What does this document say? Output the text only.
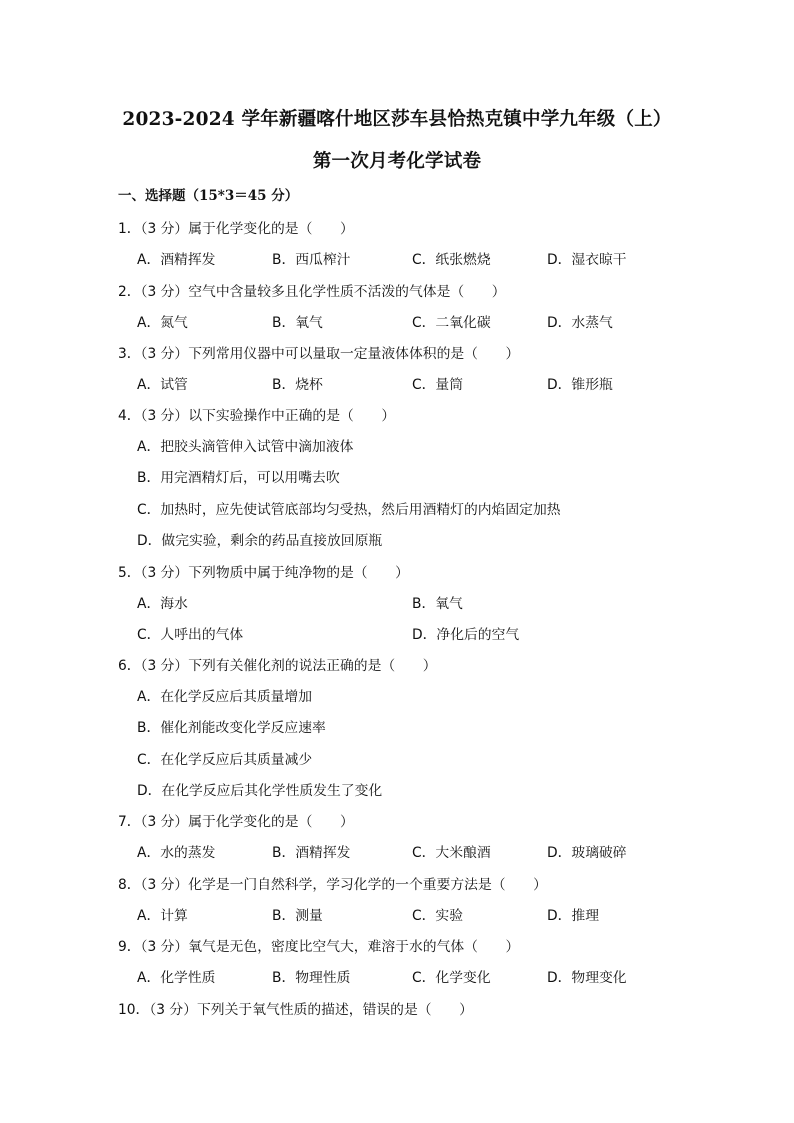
2023-2024 学年新疆喀什地区莎车县恰热克镇中学九年级（上）
第一次月考化学试卷
一、选择题（15*3＝45 分）
1．（3 分）属于化学变化的是（　　）
A．酒精挥发	B．西瓜榨汁	C．纸张燃烧	D．湿衣晾干
2．（3 分）空气中含量较多且化学性质不活泼的气体是（　　）
A．氮气	B．氧气	C．二氧化碳	D．水蒸气
3．（3 分）下列常用仪器中可以量取一定量液体体积的是（　　）
A．试管	B．烧杯	C．量筒	D．锥形瓶
4．（3 分）以下实验操作中正确的是（　　）
A．把胶头滴管伸入试管中滴加液体
B．用完酒精灯后，可以用嘴去吹
C．加热时，应先使试管底部均匀受热，然后用酒精灯的内焰固定加热
D．做完实验，剩余的药品直接放回原瓶
5．（3 分）下列物质中属于纯净物的是（　　）
A．海水	B．氧气
C．人呼出的气体	D．净化后的空气
6．（3 分）下列有关催化剂的说法正确的是（　　）
A．在化学反应后其质量增加
B．催化剂能改变化学反应速率
C．在化学反应后其质量减少
D．在化学反应后其化学性质发生了变化
7．（3 分）属于化学变化的是（　　）
A．水的蒸发	B．酒精挥发	C．大米酿酒	D．玻璃破碎
8．（3 分）化学是一门自然科学，学习化学的一个重要方法是（　　）
A．计算	B．测量	C．实验	D．推理
9．（3 分）氧气是无色，密度比空气大，难溶于水的气体（　　）
A．化学性质	B．物理性质	C．化学变化	D．物理变化
10．（3 分）下列关于氧气性质的描述，错误的是（　　）
